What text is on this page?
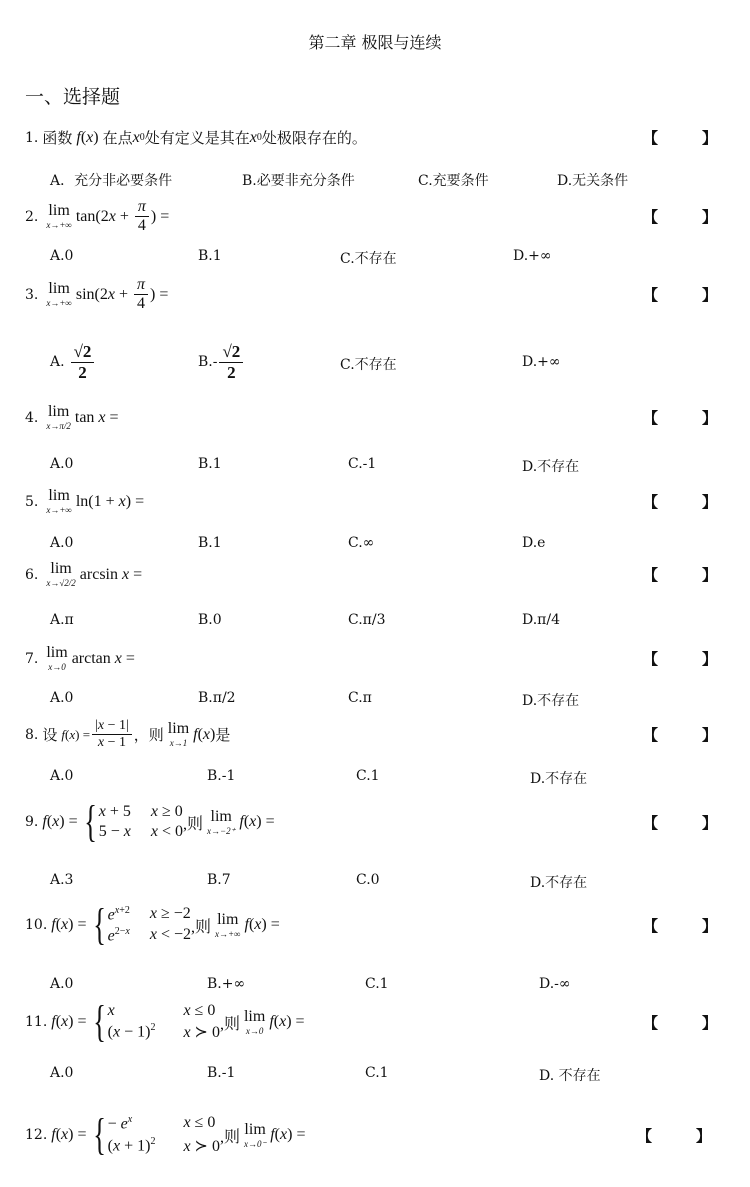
第二章 极限与连续
一、选择题
1. 函数
f ( x ) 在点 x 0 处有定义是其在 x 0 处极限存在的。	【	】
A．充分非必要条件	B.必要非充分条件	C.充要条件	D.无关条件
2. lim
x→+∞
tan(2 $x + \frac{\pi}{4}$ ) =	【	】
A.0	B.1	C.不存在	D.+∞
3. lim
x→+∞
sin(2 $x + \frac{\pi}{4}$ ) =	【	】
A. $\frac{√2}{2}$	$B.- \frac{√2}{2}$	C.不存在	D.+∞
4. lim
x→π/2
tan x =	【	】
A.0	B.1	C.-1	D.不存在
5. lim
x→+∞
ln(1 + x ) =	【	】
A.0	B.1	C.∞	D.e
6. lim
x→√2/2
arcsin x =	【	】
A.π	B.0	C.π/3	D.π/4
7. lim
x→0
arctan x =	【	】
A.0	B.π/2	C.π	D.不存在
8. 设
f $(x) = \frac{|x - 1|}{x - 1}$ ，则 lim
x→1
f ( x ) 是	【	】
A.0	B.-1	C.1	D.不存在
9. f ( x ) = { x + 5 x ≥ 0
5 − x x < 0 ,则 lim
x→−2⁺
f ( x ) =	【	】
A.3	B.7	C.0	D.不存在
10. f ( x ) = { $e^{x+2}$ x ≥ −2
$e^{2-x}$ x < −2 ,则 lim
x→+∞
f ( x ) =	【	】
A.0	B.+∞	C.1	D.-∞
11. f ( x ) = { x	x ≤ 0
$(x - 1)^2$ x ≻ 0 ,则 lim
x→0
f ( x ) =	【	】
A.0	B.-1	C.1	D. 不存在
12. f ( x ) = { − $e^x$	x ≤ 0
$(x + 1)^2$ x ≻ 0
,则 lim
x→0⁻
f ( x ) =	【	】
